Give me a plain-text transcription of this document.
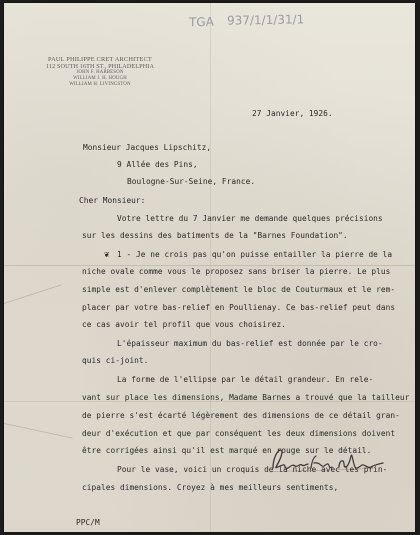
TGA 937/1/1/31/1
PAUL PHILIPPE CRET ARCHITECT
112 SOUTH 16TH ST., PHILADELPHIA
JOHN F. HARBESON
WILLIAM J. H. HOUGH
WILLIAM H. LIVINGSTON
27 Janvier, 1926.
Monsieur Jacques Lipschitz,
9 Allée des Pins,
Boulogne-Sur-Seine, France.
Cher Monsieur:
Votre lettre du 7 Janvier me demande quelques précisions
sur les dessins des batiments de la "Barnes Foundation".
❦ 1 - Je ne crois pas qu'on puisse entailler la pierre de la
niche ovale comme vous le proposez sans briser la pierre. Le plus
simple est d'enlever complètement le bloc de Couturmaux et le rem-
placer par votre bas-relief en Poullienay. Ce bas-relief peut dans
ce cas avoir tel profil que vous choisirez.
L'épaisseur maximum du bas-relief est donnée par le cro-
quis ci-joint.
La forme de l'ellipse par le détail grandeur. En rele-
vant sur place les dimensions, Madame Barnes a trouvé que la tailleur
de pierre s'est écarté légèrement des dimensions de ce détail gran-
deur d'exécution et que par conséquent les deux dimensions doivent
être corrigées ainsi qu'il est marqué en rouge sur le détail.
Pour le vase, voici un croquis de la niche avec les prin-
cipales dimensions. Croyez à mes meilleurs sentiments,
PPC/M
